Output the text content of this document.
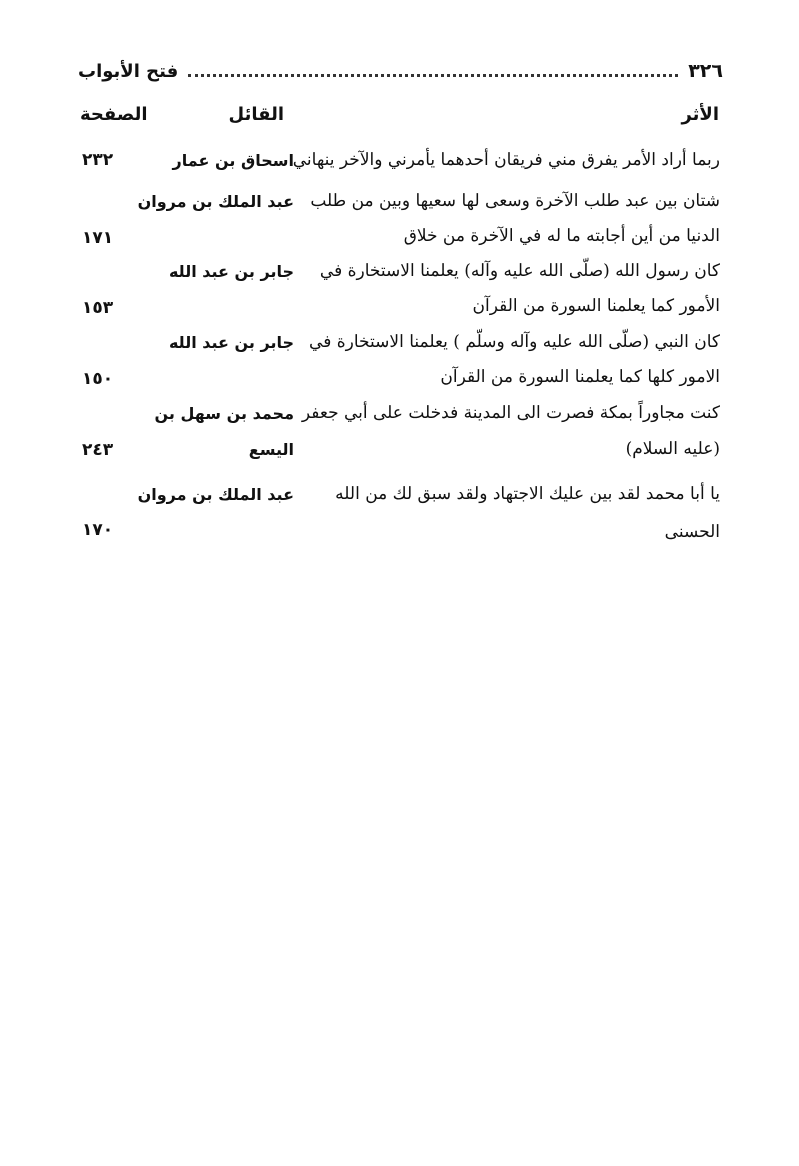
٣٢٦
فتح الأبواب
الأثر
القائل
الصفحة
ربما أراد الأمر يفرق مني فريقان أحدهما يأمرني والآخر ينهاني
اسحاق بن عمار
٢٣٢
شتان بين عبد طلب الآخرة وسعى لها سعيها وبين من طلب
الدنيا من أين أجابته ما له في الآخرة من خلاق
عبد الملك بن مروان
١٧١
كان رسول الله (صلّى الله عليه وآله) يعلمنا الاستخارة في
الأمور كما يعلمنا السورة من القرآن
جابر بن عبد الله
١٥٣
كان النبي (صلّى الله عليه وآله وسلّم ) يعلمنا الاستخارة في
الامور كلها كما يعلمنا السورة من القرآن
جابر بن عبد الله
١٥٠
كنت مجاوراً بمكة فصرت الى المدينة فدخلت على أبي جعفر
(عليه السلام)
محمد بن سهل بن
اليسع
٢٤٣
يا أبا محمد لقد بين عليك الاجتهاد ولقد سبق لك من الله
الحسنى
عبد الملك بن مروان
١٧٠
